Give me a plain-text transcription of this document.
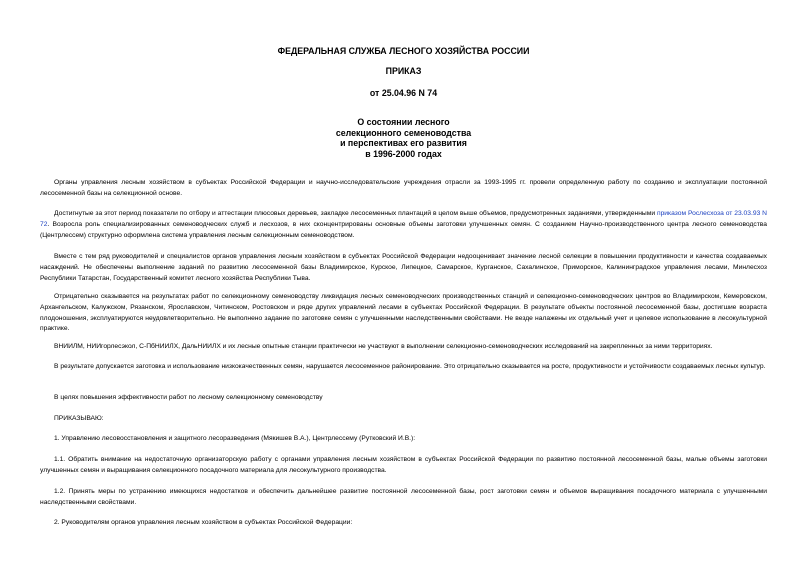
ФЕДЕРАЛЬНАЯ СЛУЖБА ЛЕСНОГО ХОЗЯЙСТВА РОССИИ
ПРИКАЗ
от 25.04.96 N 74
О состоянии лесного
селекционного семеноводства
и перспективах его развития
в 1996-2000 годах

Органы управления лесным хозяйством в субъектах Российской Федерации и научно-исследовательские учреждения отрасли за 1993-1995 гг. провели определенную работу по созданию и эксплуатации постоянной лесосеменной базы на селекционной основе.

Достигнутые за этот период показатели по отбору и аттестации плюсовых деревьев, закладке лесосеменных плантаций в целом выше объемов, предусмотренных заданиями, утвержденными приказом Рослесхоза от 23.03.93 N 72. Возросла роль специализированных семеноводческих служб и лесхозов, в них сконцентрированы основные объемы заготовки улучшенных семян. С созданием Научно-производственного центра лесного семеноводства (Центрлессем) структурно оформлена система управления лесным селекционным семеноводством.

Вместе с тем ряд руководителей и специалистов органов управления лесным хозяйством в субъектах Российской Федерации недооценивает значение лесной селекции в повышении продуктивности и качества создаваемых насаждений. Не обеспечены выполнение заданий по развитию лесосеменной базы Владимирское, Курское, Липецкое, Самарское, Курганское, Сахалинское, Приморское, Калининградское управления лесами, Минлесхоз Республики Татарстан, Государственный комитет лесного хозяйства Республики Тыва.

Отрицательно сказывается на результатах работ по селекционному семеноводству ликвидация лесных семеноводческих производственных станций и селекционно-семеноводческих центров во Владимирском, Кемеровском, Архангельском, Калужском, Рязанском, Ярославском, Читинском, Ростовском и ряде других управлений лесами в субъектах Российской Федерации. В результате объекты постоянной лесосеменной базы, достигшие возраста плодоношения, эксплуатируются неудовлетворительно. Не выполнено задание по заготовке семян с улучшенными наследственными свойствами. Не везде налажены их отдельный учет и целевое использование в лесокультурной практике.

ВНИИЛМ, НИИгорлесэкол, С-ПбНИИЛХ, ДальНИИЛХ и их лесные опытные станции практически не участвуют в выполнении селекционно-семеноводческих исследований на закрепленных за ними территориях.

В результате допускается заготовка и использование низкокачественных семян, нарушается лесосеменное районирование. Это отрицательно сказывается на росте, продуктивности и устойчивости создаваемых лесных культур.

В целях повышения эффективности работ по лесному селекционному семеноводству

ПРИКАЗЫВАЮ:

1. Управлению лесовосстановления и защитного лесоразведения (Мякишев В.А.), Центрлессему (Рутковский И.В.):

1.1. Обратить внимание на недостаточную организаторскую работу с органами управления лесным хозяйством в субъектах Российской Федерации по развитию постоянной лесосеменной базы, малые объемы заготовки улучшенных семян и выращивания селекционного посадочного материала для лесокультурного производства.

1.2. Принять меры по устранению имеющихся недостатков и обеспечить дальнейшее развитие постоянной лесосеменной базы, рост заготовки семян и объемов выращивания посадочного материала с улучшенными наследственными свойствами.

2. Руководителям органов управления лесным хозяйством в субъектах Российской Федерации:
